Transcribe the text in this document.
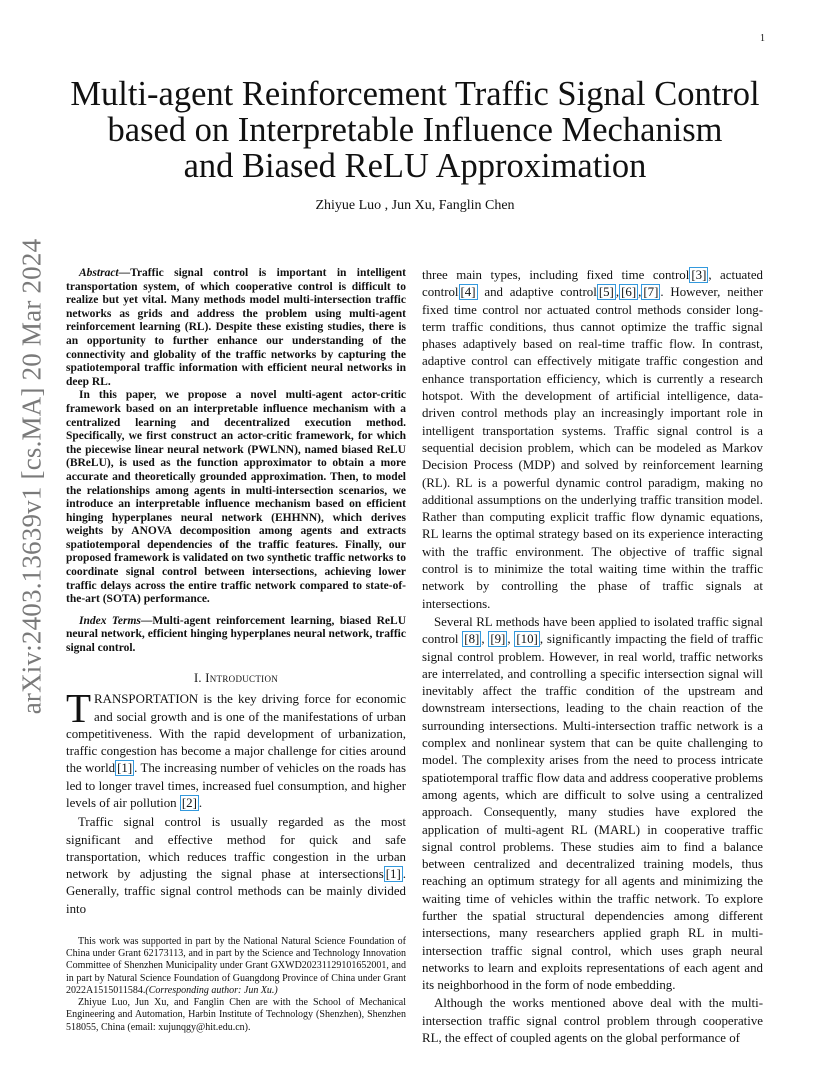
1
arXiv:2403.13639v1 [cs.MA] 20 Mar 2024
Multi-agent Reinforcement Traffic Signal Control
based on Interpretable Influence Mechanism
and Biased ReLU Approximation
Zhiyue Luo , Jun Xu, Fanglin Chen

Abstract—Traffic signal control is important in intelligent transportation system, of which cooperative control is difficult to realize but yet vital. Many methods model multi-intersection traffic networks as grids and address the problem using multi-agent reinforcement learning (RL). Despite these existing studies, there is an opportunity to further enhance our understanding of the connectivity and globality of the traffic networks by capturing the spatiotemporal traffic information with efficient neural networks in deep RL.

In this paper, we propose a novel multi-agent actor-critic framework based on an interpretable influence mechanism with a centralized learning and decentralized execution method. Specifically, we first construct an actor-critic framework, for which the piecewise linear neural network (PWLNN), named biased ReLU (BReLU), is used as the function approximator to obtain a more accurate and theoretically grounded approximation. Then, to model the relationships among agents in multi-intersection scenarios, we introduce an interpretable influence mechanism based on efficient hinging hyperplanes neural network (EHHNN), which derives weights by ANOVA decomposition among agents and extracts spatiotemporal dependencies of the traffic features. Finally, our proposed framework is validated on two synthetic traffic networks to coordinate signal control between intersections, achieving lower traffic delays across the entire traffic network compared to state-of-the-art (SOTA) performance.

Index Terms—Multi-agent reinforcement learning, biased ReLU neural network, efficient hinging hyperplanes neural network, traffic signal control.

I. Introduction

TRANSPORTATION is the key driving force for economic and social growth and is one of the manifestations of urban competitiveness. With the rapid development of urbanization, traffic congestion has become a major challenge for cities around the world [1] . The increasing number of vehicles on the roads has led to longer travel times, increased fuel consumption, and higher levels of air pollution [2] .

Traffic signal control is usually regarded as the most significant and effective method for quick and safe transportation, which reduces traffic congestion in the urban network by adjusting the signal phase at intersections [1] . Generally, traffic signal control methods can be mainly divided into

This work was supported in part by the National Natural Science Foundation of China under Grant 62173113, and in part by the Science and Technology Innovation Committee of Shenzhen Municipality under Grant GXWD20231129101652001, and in part by Natural Science Foundation of Guangdong Province of China under Grant 2022A1515011584.(Corresponding author: Jun Xu.)

Zhiyue Luo, Jun Xu, and Fanglin Chen are with the School of Mechanical Engineering and Automation, Harbin Institute of Technology (Shenzhen), Shenzhen 518055, China (email: xujunqgy@hit.edu.cn).

three main types, including fixed time control [3] , actuated control [4] and adaptive control [5] , [6] , [7] . However, neither fixed time control nor actuated control methods consider long-term traffic conditions, thus cannot optimize the traffic signal phases adaptively based on real-time traffic flow. In contrast, adaptive control can effectively mitigate traffic congestion and enhance transportation efficiency, which is currently a research hotspot. With the development of artificial intelligence, data-driven control methods play an increasingly important role in intelligent transportation systems. Traffic signal control is a sequential decision problem, which can be modeled as Markov Decision Process (MDP) and solved by reinforcement learning (RL). RL is a powerful dynamic control paradigm, making no additional assumptions on the underlying traffic transition model. Rather than computing explicit traffic flow dynamic equations, RL learns the optimal strategy based on its experience interacting with the traffic environment. The objective of traffic signal control is to minimize the total waiting time within the traffic network by controlling the phase of traffic signals at intersections.

Several RL methods have been applied to isolated traffic signal control [8] , [9] , [10] , significantly impacting the field of traffic signal control problem. However, in real world, traffic networks are interrelated, and controlling a specific intersection signal will inevitably affect the traffic condition of the upstream and downstream intersections, leading to the chain reaction of the surrounding intersections. Multi-intersection traffic network is a complex and nonlinear system that can be quite challenging to model. The complexity arises from the need to process intricate spatiotemporal traffic flow data and address cooperative problems among agents, which are difficult to solve using a centralized approach. Consequently, many studies have explored the application of multi-agent RL (MARL) in cooperative traffic signal control problems. These studies aim to find a balance between centralized and decentralized training models, thus reaching an optimum strategy for all agents and minimizing the waiting time of vehicles within the traffic network. To explore further the spatial structural dependencies among different intersections, many researchers applied graph RL in multi-intersection traffic signal control, which uses graph neural networks to learn and exploits representations of each agent and its neighborhood in the form of node embedding.

Although the works mentioned above deal with the multi-intersection traffic signal control problem through cooperative RL, the effect of coupled agents on the global performance of
